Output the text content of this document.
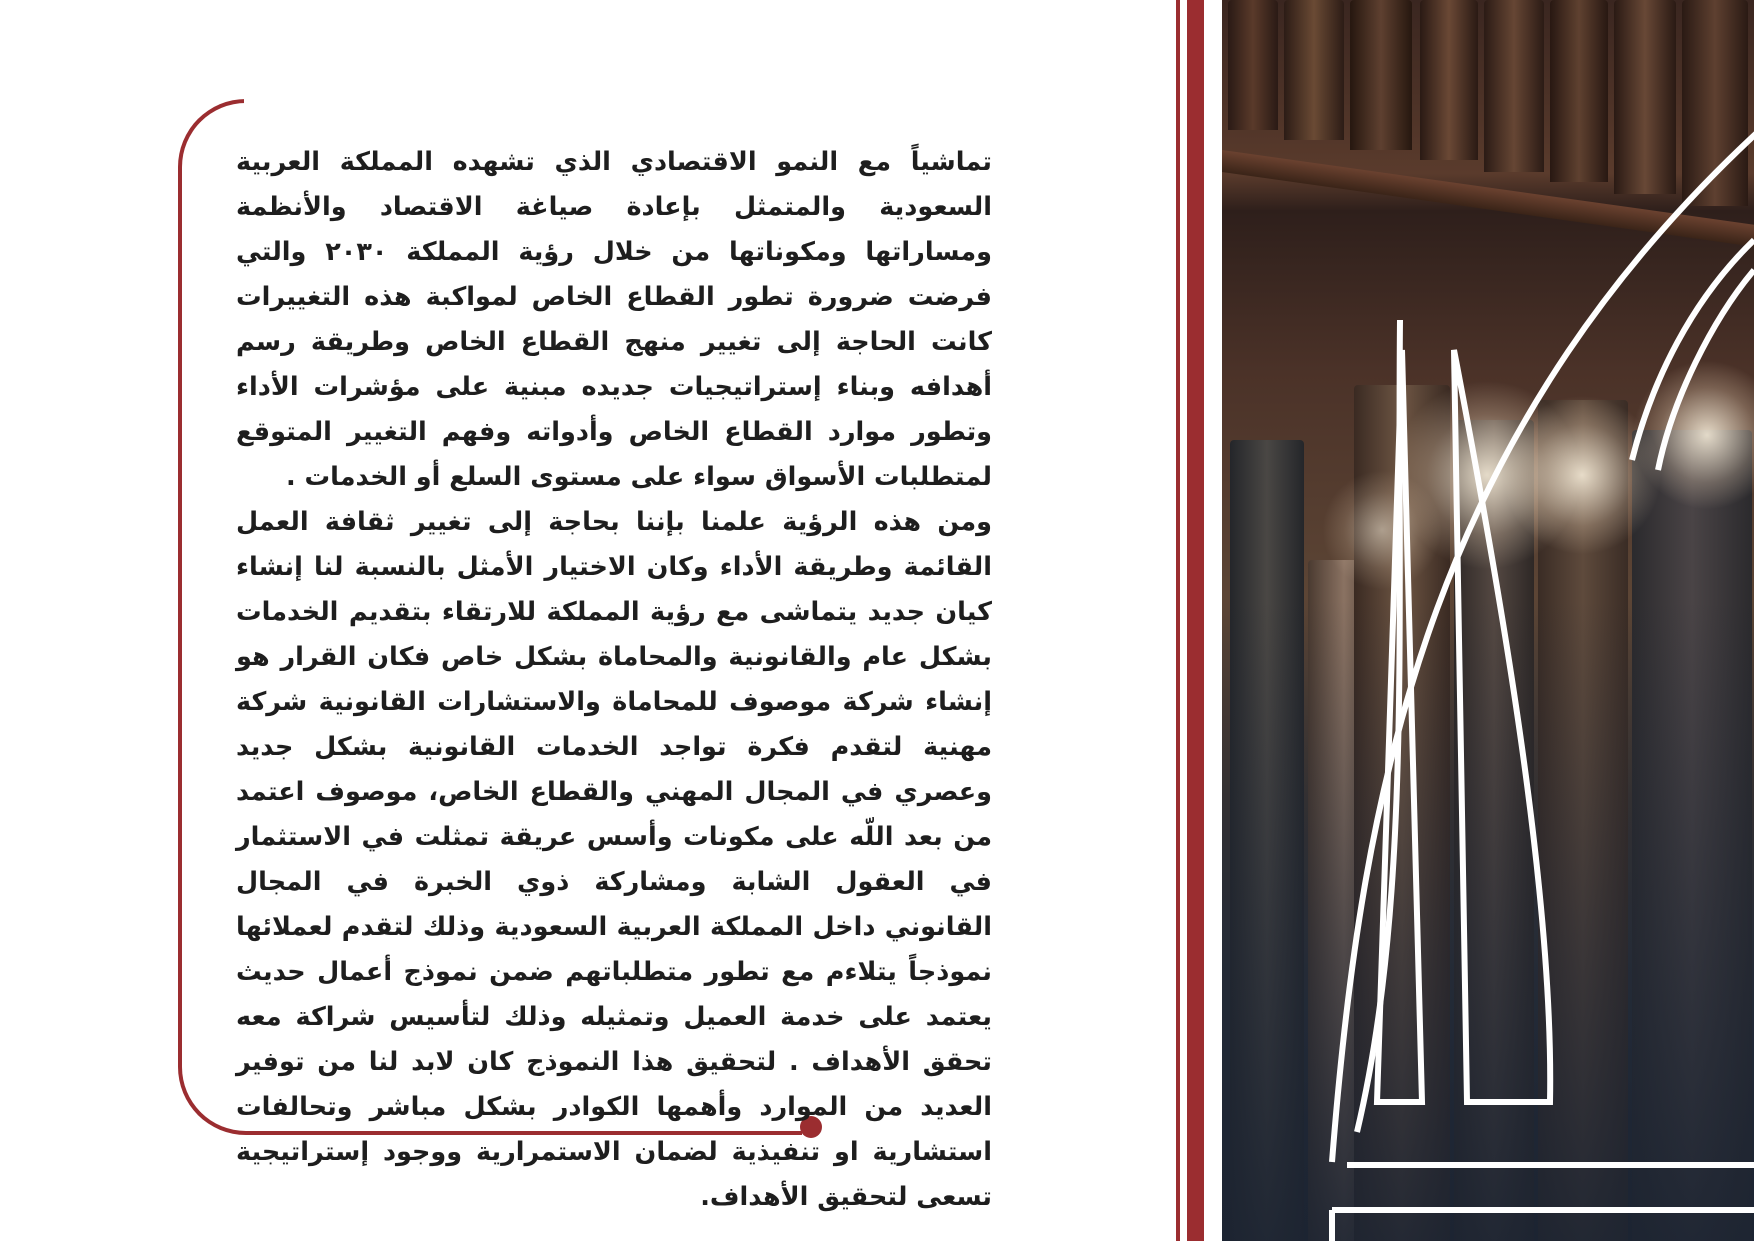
تماشياً مع النمو الاقتصادي الذي تشهده المملكة العربية السعودية والمتمثل بإعادة صياغة الاقتصاد والأنظمة ومساراتها ومكوناتها من خلال رؤية المملكة ٢٠٣٠ والتي فرضت ضرورة تطور القطاع الخاص لمواكبة هذه التغييرات كانت الحاجة إلى تغيير منهج القطاع الخاص وطريقة رسم أهدافه وبناء إستراتيجيات جديده مبنية على مؤشرات الأداء وتطور موارد القطاع الخاص وأدواته وفهم التغيير المتوقع لمتطلبات الأسواق سواء على مستوى السلع أو الخدمات .

ومن هذه الرؤية علمنا بإننا بحاجة إلى تغيير ثقافة العمل القائمة وطريقة الأداء وكان الاختيار الأمثل بالنسبة لنا إنشاء كيان جديد يتماشى مع رؤية المملكة للارتقاء بتقديم الخدمات بشكل عام والقانونية والمحاماة بشكل خاص فكان القرار هو إنشاء شركة موصوف للمحاماة والاستشارات القانونية شركة مهنية لتقدم فكرة تواجد الخدمات القانونية بشكل جديد وعصري في المجال المهني والقطاع الخاص، موصوف اعتمد من بعد اللّه على مكونات وأسس عريقة تمثلت في الاستثمار في العقول الشابة ومشاركة ذوي الخبرة في المجال القانوني داخل المملكة العربية السعودية وذلك لتقدم لعملائها نموذجاً يتلاءم مع تطور متطلباتهم ضمن نموذج أعمال حديث يعتمد على خدمة العميل وتمثيله وذلك لتأسيس شراكة معه تحقق الأهداف . لتحقيق هذا النموذج كان لابد لنا من توفير العديد من الموارد وأهمها الكوادر بشكل مباشر وتحالفات استشارية او تنفيذية لضمان الاستمرارية ووجود إستراتيجية تسعى لتحقيق الأهداف.
